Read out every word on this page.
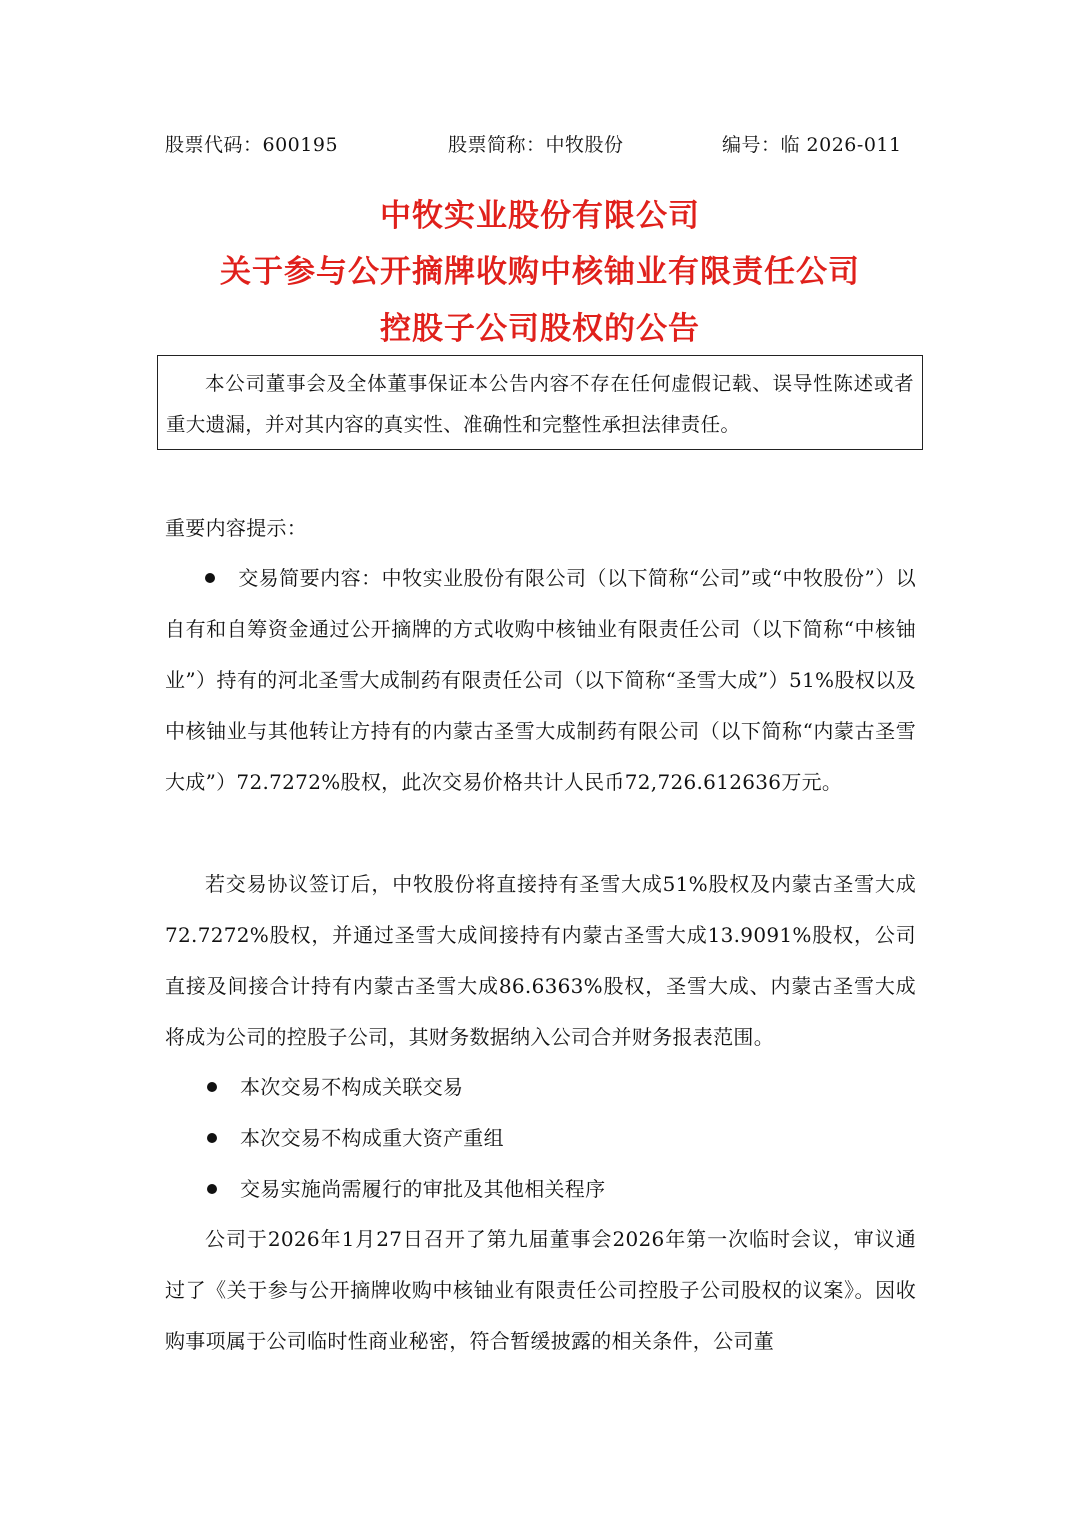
股票代码：600195	股票简称：中牧股份	编号：临 2026-011
中牧实业股份有限公司
关于参与公开摘牌收购中核铀业有限责任公司
控股子公司股权的公告
本公司董事会及全体董事保证本公告内容不存在任何虚假记载、误导性陈述或者重大遗漏，并对其内容的真实性、准确性和完整性承担法律责任。
重要内容提示：
交易简要内容：中牧实业股份有限公司（以下简称“公司”或“中牧股份”）以自有和自筹资金通过公开摘牌的方式收购中核铀业有限责任公司（以下简称“中核铀业”）持有的河北圣雪大成制药有限责任公司（以下简称“圣雪大成”）51%股权以及中核铀业与其他转让方持有的内蒙古圣雪大成制药有限公司（以下简称“内蒙古圣雪大成”）72.7272%股权，此次交易价格共计人民币72,726.612636万元。
若交易协议签订后，中牧股份将直接持有圣雪大成51%股权及内蒙古圣雪大成72.7272%股权，并通过圣雪大成间接持有内蒙古圣雪大成13.9091%股权，公司直接及间接合计持有内蒙古圣雪大成86.6363%股权，圣雪大成、内蒙古圣雪大成将成为公司的控股子公司，其财务数据纳入公司合并财务报表范围。
本次交易不构成关联交易
本次交易不构成重大资产重组
交易实施尚需履行的审批及其他相关程序
公司于2026年1月27日召开了第九届董事会2026年第一次临时会议，审议通过了《关于参与公开摘牌收购中核铀业有限责任公司控股子公司股权的议案》。因收购事项属于公司临时性商业秘密，符合暂缓披露的相关条件，公司董
